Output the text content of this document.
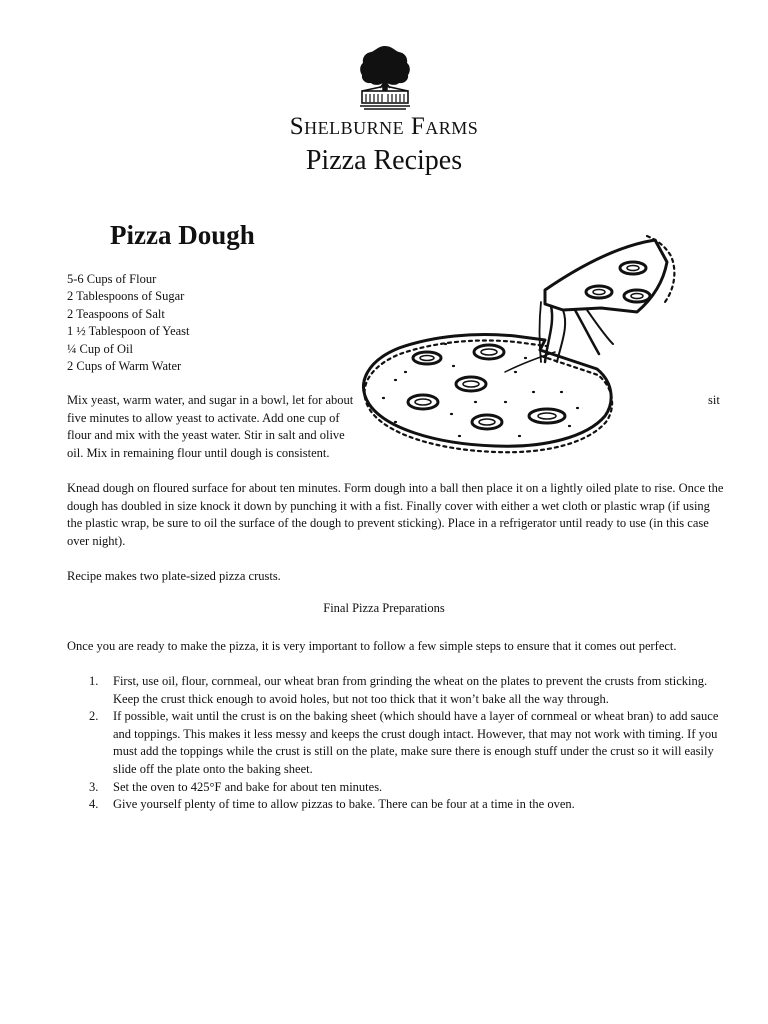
Shelburne Farms
Pizza Recipes
Pizza Dough
5-6 Cups of Flour
2 Tablespoons of Sugar
2 Teaspoons of Salt
1 ½ Tablespoon of Yeast
¼ Cup of Oil
2 Cups of Warm Water
Mix yeast, warm water, and sugar in a bowl, let for about five minutes to allow yeast to activate. Add one cup of flour and mix with the yeast water. Stir in salt and olive oil. Mix in remaining flour until dough is consistent.
sit
Knead dough on floured surface for about ten minutes. Form dough into a ball then place it on a lightly oiled plate to rise. Once the dough has doubled in size knock it down by punching it with a fist. Finally cover with either a wet cloth or plastic wrap (if using the plastic wrap, be sure to oil the surface of the dough to prevent sticking). Place in a refrigerator until ready to use (in this case over night).
Recipe makes two plate-sized pizza crusts.
Final Pizza Preparations
Once you are ready to make the pizza, it is very important to follow a few simple steps to ensure that it comes out perfect.
1. First, use oil, flour, cornmeal, our wheat bran from grinding the wheat on the plates to prevent the crusts from sticking. Keep the crust thick enough to avoid holes, but not too thick that it won’t bake all the way through.
2. If possible, wait until the crust is on the baking sheet (which should have a layer of cornmeal or wheat bran) to add sauce and toppings. This makes it less messy and keeps the crust dough intact. However, that may not work with timing. If you must add the toppings while the crust is still on the plate, make sure there is enough stuff under the crust so it will easily slide off the plate onto the baking sheet.
3. Set the oven to 425°F and bake for about ten minutes.
4. Give yourself plenty of time to allow pizzas to bake. There can be four at a time in the oven.
